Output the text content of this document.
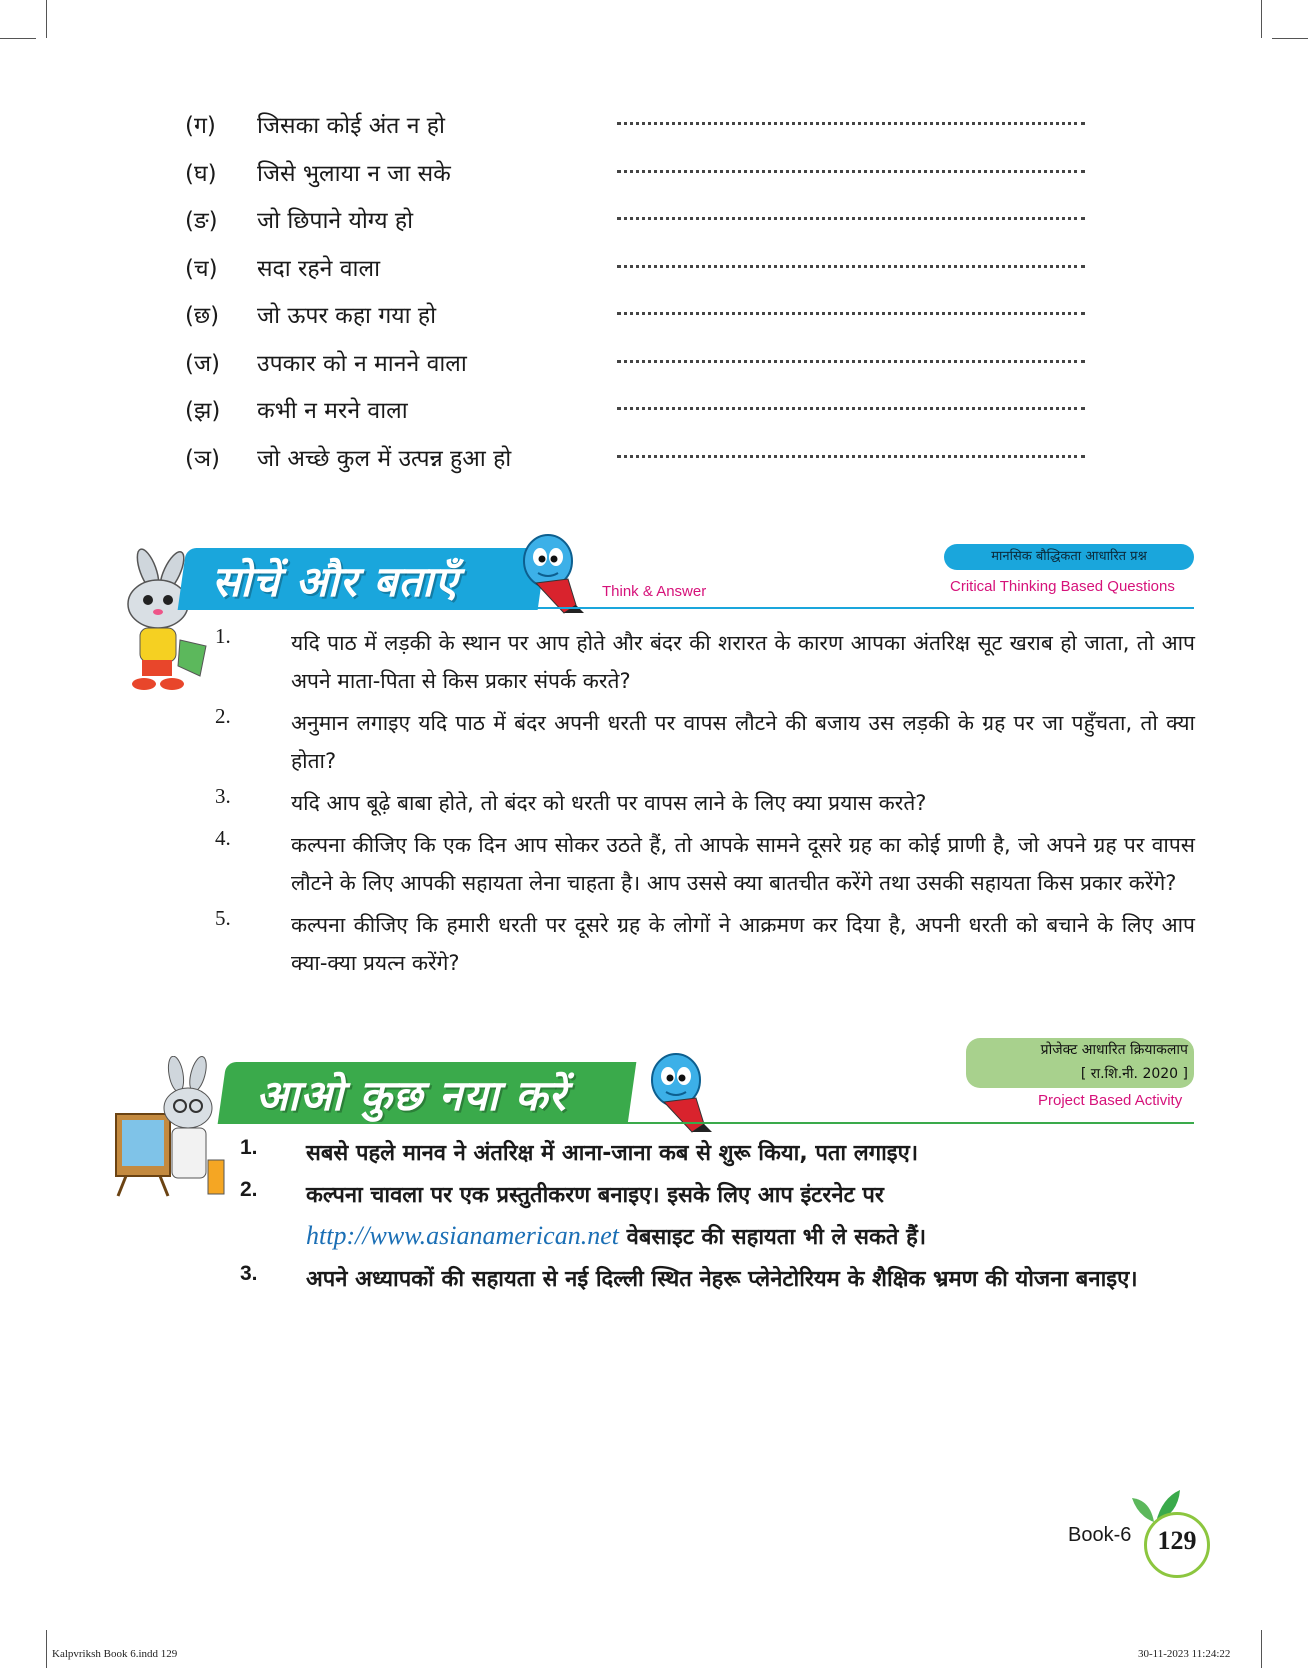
(ग)	जिसका कोई अंत न हो
(घ)	जिसे भुलाया न जा सके
(ङ)	जो छिपाने योग्य हो
(च)	सदा रहने वाला
(छ)	जो ऊपर कहा गया हो
(ज)	उपकार को न मानने वाला
(झ)	कभी न मरने वाला
(ञ)	जो अच्छे कुल में उत्पन्न हुआ हो
सोचें और बताएँ	Think & Answer
मानसिक बौद्धिकता आधारित प्रश्न
Critical Thinking Based Questions
1.	यदि पाठ में लड़की के स्थान पर आप होते और बंदर की शरारत के कारण आपका अंतरिक्ष सूट खराब हो जाता, तो आप अपने माता-पिता से किस प्रकार संपर्क करते?
2.	अनुमान लगाइए यदि पाठ में बंदर अपनी धरती पर वापस लौटने की बजाय उस लड़की के ग्रह पर जा पहुँचता, तो क्या होता?
3.	यदि आप बूढ़े बाबा होते, तो बंदर को धरती पर वापस लाने के लिए क्या प्रयास करते?
4.	कल्पना कीजिए कि एक दिन आप सोकर उठते हैं, तो आपके सामने दूसरे ग्रह का कोई प्राणी है, जो अपने ग्रह पर वापस लौटने के लिए आपकी सहायता लेना चाहता है। आप उससे क्या बातचीत करेंगे तथा उसकी सहायता किस प्रकार करेंगे?
5.	कल्पना कीजिए कि हमारी धरती पर दूसरे ग्रह के लोगों ने आक्रमण कर दिया है, अपनी धरती को बचाने के लिए आप क्या-क्या प्रयत्न करेंगे?
आओ कुछ नया करें
प्रोजेक्ट आधारित क्रियाकलाप
[ रा.शि.नी. 2020 ]
Project Based Activity
1. सबसे पहले मानव ने अंतरिक्ष में आना-जाना कब से शुरू किया, पता लगाइए।
2. कल्पना चावला पर एक प्रस्तुतीकरण बनाइए। इसके लिए आप इंटरनेट पर
http://www.asianamerican.net वेबसाइट की सहायता भी ले सकते हैं।
3. अपने अध्यापकों की सहायता से नई दिल्ली स्थित नेहरू प्लेनेटोरियम के शैक्षिक भ्रमण की योजना बनाइए।
Book-6	129
Kalpvriksh Book 6.indd 129	30-11-2023 11:24:22
